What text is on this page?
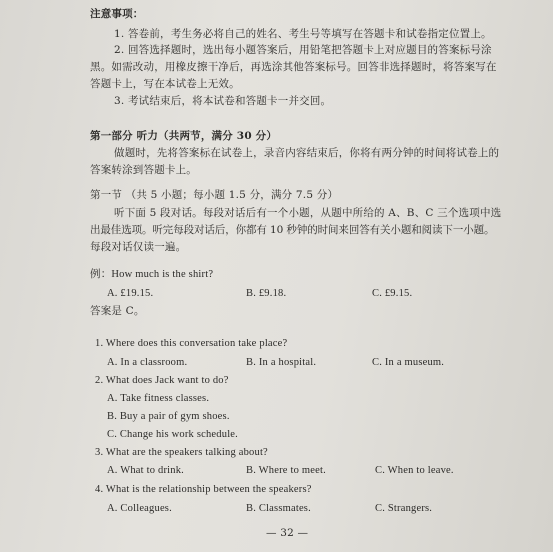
注意事项：
1. 答卷前，考生务必将自己的姓名、考生号等填写在答题卡和试卷指定位置上。
2. 回答选择题时，选出每小题答案后，用铅笔把答题卡上对应题目的答案标号涂
黑。如需改动，用橡皮擦干净后，再选涂其他答案标号。回答非选择题时，将答案写在
答题卡上，写在本试卷上无效。
3. 考试结束后，将本试卷和答题卡一并交回。
第一部分 听力（共两节，满分 30 分）
做题时，先将答案标在试卷上，录音内容结束后，你将有两分钟的时间将试卷上的
答案转涂到答题卡上。
第一节 （共 5 小题；每小题 1.5 分，满分 7.5 分）
听下面 5 段对话。每段对话后有一个小题，从题中所给的 A、B、C 三个选项中选
出最佳选项。听完每段对话后，你都有 10 秒钟的时间来回答有关小题和阅读下一小题。
每段对话仅读一遍。
例：How much is the shirt?
A. £19.15.	B. £9.18.	C. £9.15.
答案是 C。
1. Where does this conversation take place?
A. In a classroom.	B. In a hospital.	C. In a museum.
2. What does Jack want to do?
A. Take fitness classes.
B. Buy a pair of gym shoes.
C. Change his work schedule.
3. What are the speakers talking about?
A. What to drink.	B. Where to meet.	C. When to leave.
4. What is the relationship between the speakers?
A. Colleagues.	B. Classmates.	C. Strangers.
— 32 —
